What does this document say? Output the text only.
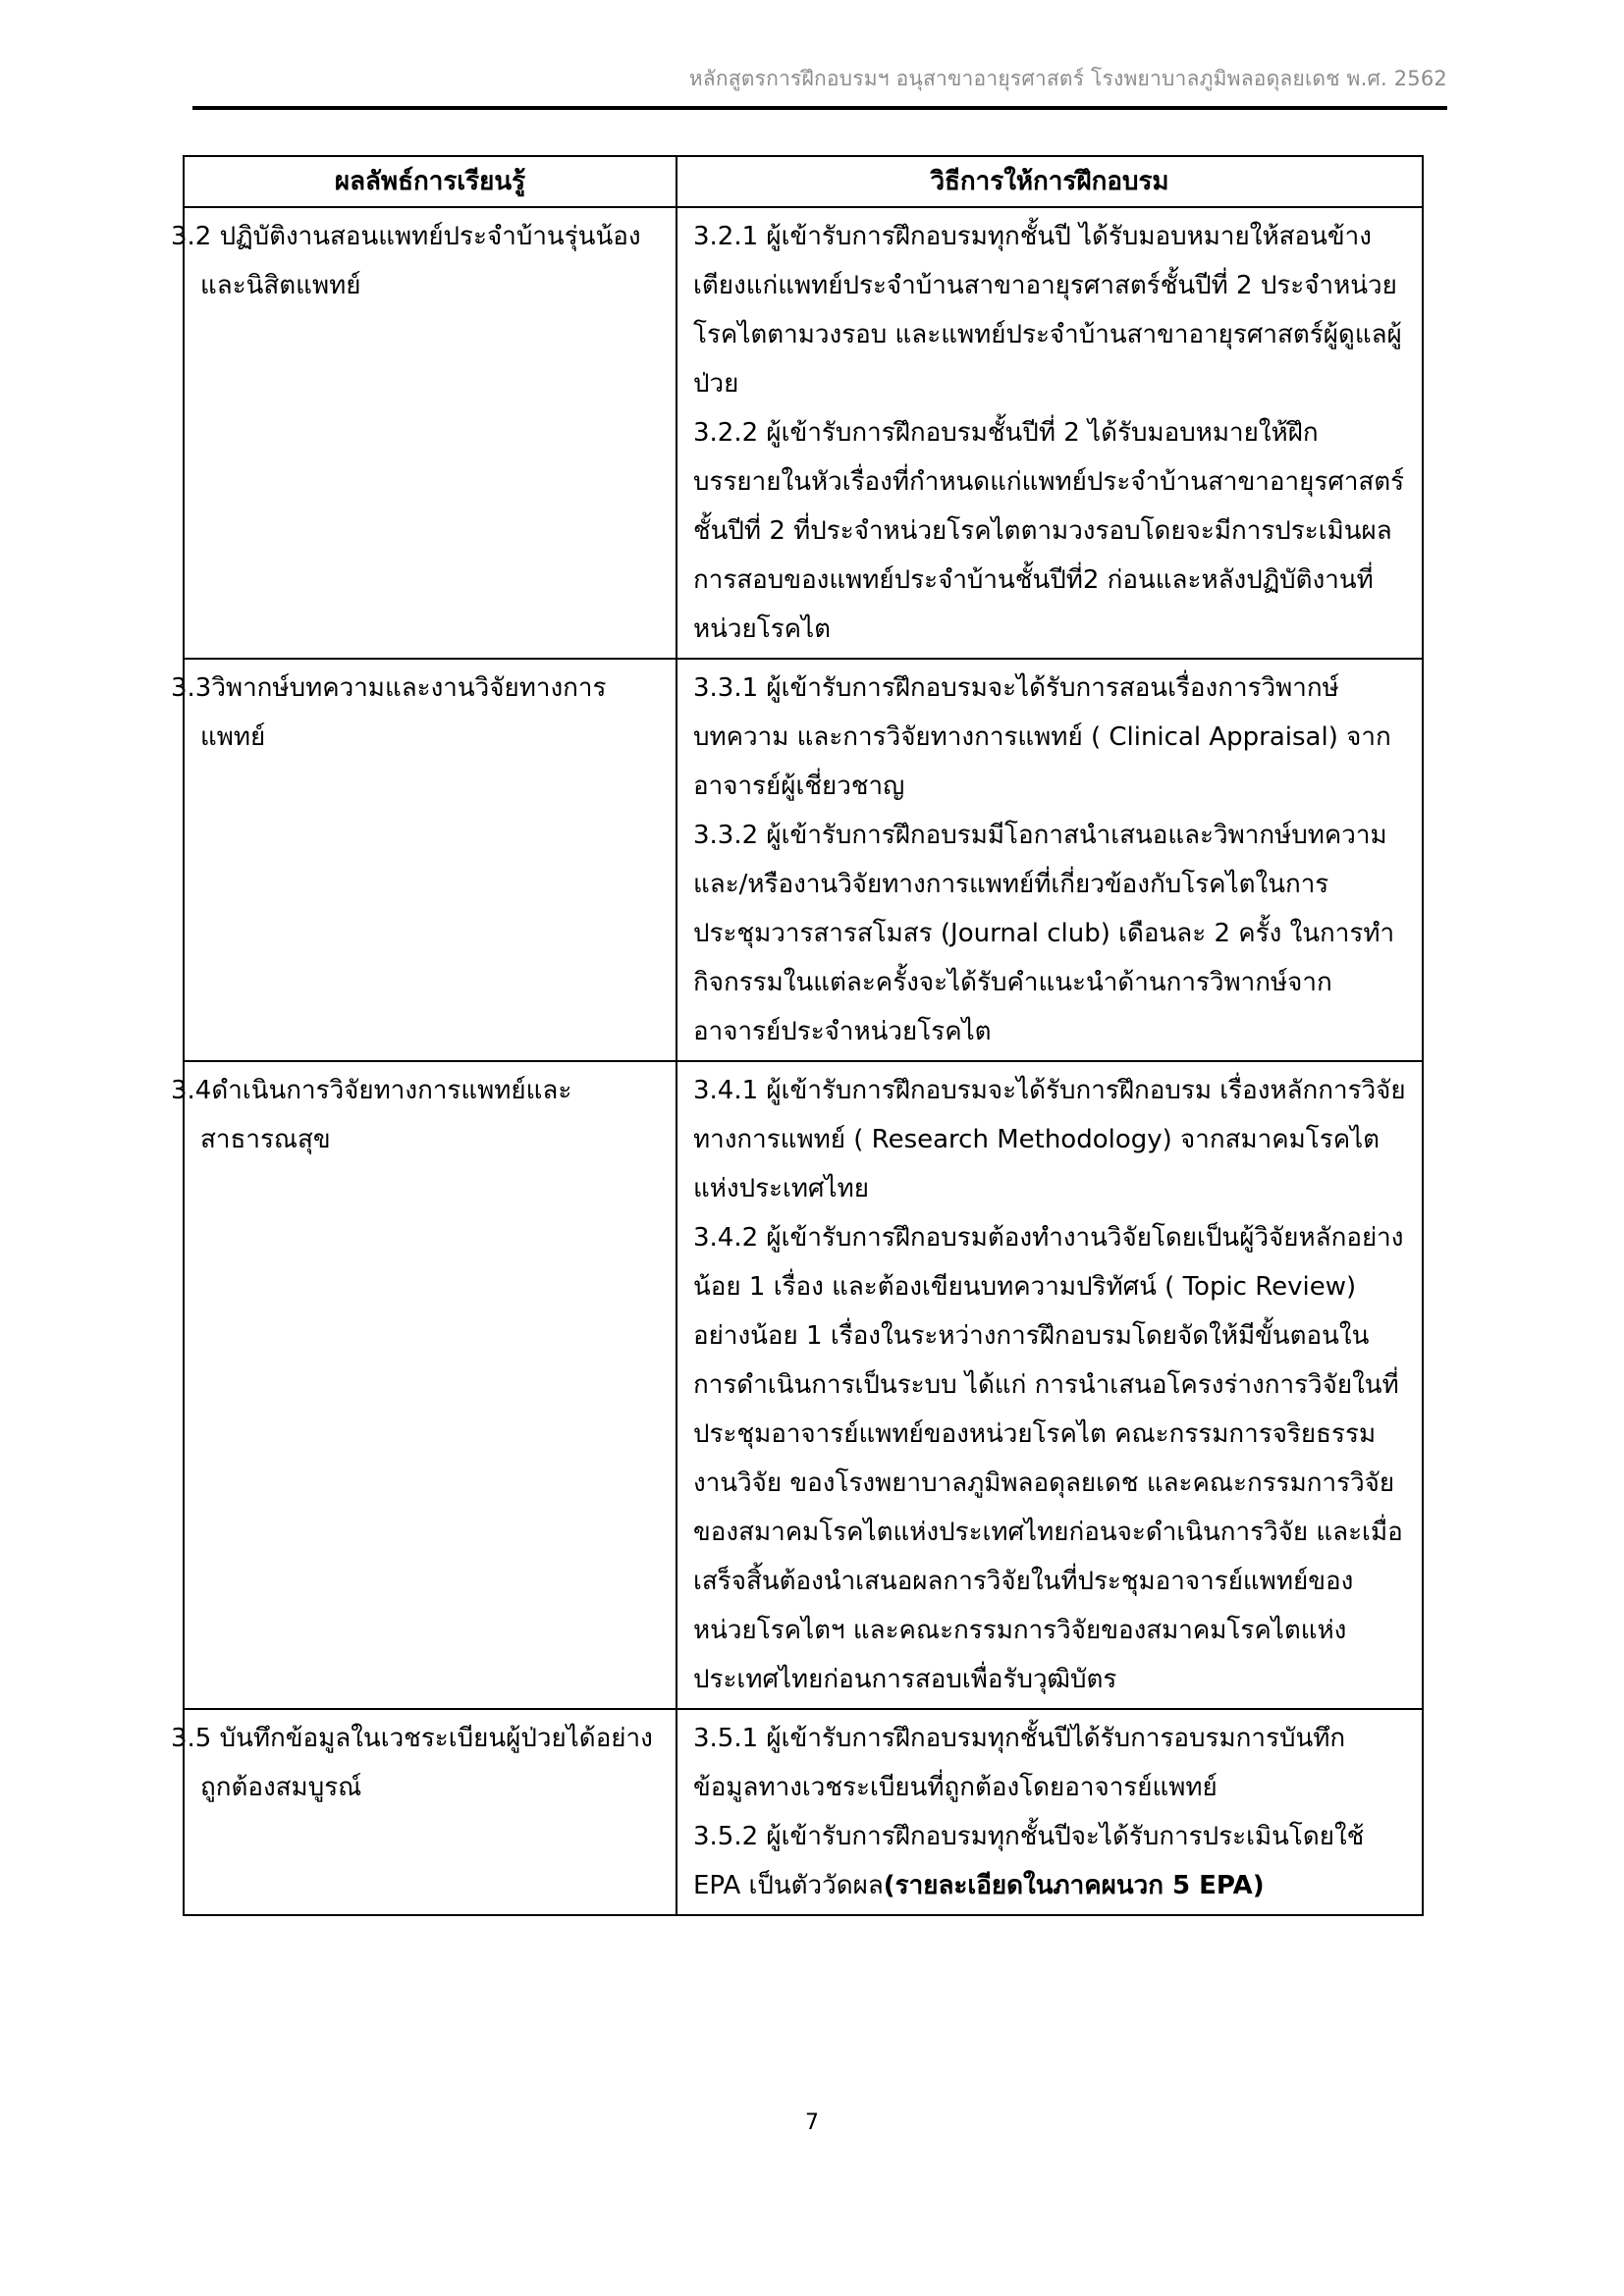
หลักสูตรการฝึกอบรมฯ อนุสาขาอายุรศาสตร์ โรงพยาบาลภูมิพลอดุลยเดช พ.ศ. 2562
ผลลัพธ์การเรียนรู้	วิธีการให้การฝึกอบรม
3.2 ปฏิบัติงานสอนแพทย์ประจำบ้านรุ่นน้องและนิสิตแพทย์	3.2.1 ผู้เข้ารับการฝึกอบรมทุกชั้นปี ได้รับมอบหมายให้สอนข้างเตียงแก่แพทย์ประจำบ้านสาขาอายุรศาสตร์ชั้นปีที่ 2 ประจำหน่วยโรคไตตามวงรอบ และแพทย์ประจำบ้านสาขาอายุรศาสตร์ผู้ดูแลผู้ป่วย
3.2.2 ผู้เข้ารับการฝึกอบรมชั้นปีที่ 2 ได้รับมอบหมายให้ฝึกบรรยายในหัวเรื่องที่กำหนดแก่แพทย์ประจำบ้านสาขาอายุรศาสตร์ชั้นปีที่ 2 ที่ประจำหน่วยโรคไตตามวงรอบโดยจะมีการประเมินผลการสอบของแพทย์ประจำบ้านชั้นปีที่2 ก่อนและหลังปฏิบัติงานที่หน่วยโรคไต

3.3วิพากษ์บทความและงานวิจัยทางการแพทย์	3.3.1 ผู้เข้ารับการฝึกอบรมจะได้รับการสอนเรื่องการวิพากษ์บทความ และการวิจัยทางการแพทย์ ( Clinical Appraisal) จากอาจารย์ผู้เชี่ยวชาญ
3.3.2 ผู้เข้ารับการฝึกอบรมมีโอกาสนำเสนอและวิพากษ์บทความและ/หรืองานวิจัยทางการแพทย์ที่เกี่ยวข้องกับโรคไตในการประชุมวารสารสโมสร (Journal club) เดือนละ 2 ครั้ง ในการทำกิจกรรมในแต่ละครั้งจะได้รับคำแนะนำด้านการวิพากษ์จากอาจารย์ประจำหน่วยโรคไต

3.4ดำเนินการวิจัยทางการแพทย์และสาธารณสุข	3.4.1 ผู้เข้ารับการฝึกอบรมจะได้รับการฝึกอบรม เรื่องหลักการวิจัยทางการแพทย์ ( Research Methodology) จากสมาคมโรคไตแห่งประเทศไทย
3.4.2 ผู้เข้ารับการฝึกอบรมต้องทำงานวิจัยโดยเป็นผู้วิจัยหลักอย่างน้อย 1 เรื่อง และต้องเขียนบทความปริทัศน์ ( Topic Review) อย่างน้อย 1 เรื่องในระหว่างการฝึกอบรมโดยจัดให้มีขั้นตอนในการดำเนินการเป็นระบบ ได้แก่ การนำเสนอโครงร่างการวิจัยในที่ประชุมอาจารย์แพทย์ของหน่วยโรคไต คณะกรรมการจริยธรรมงานวิจัย ของโรงพยาบาลภูมิพลอดุลยเดช และคณะกรรมการวิจัยของสมาคมโรคไตแห่งประเทศไทยก่อนจะดำเนินการวิจัย และเมื่อเสร็จสิ้นต้องนำเสนอผลการวิจัยในที่ประชุมอาจารย์แพทย์ของหน่วยโรคไตฯ และคณะกรรมการวิจัยของสมาคมโรคไตแห่งประเทศไทยก่อนการสอบเพื่อรับวุฒิบัตร

3.5 บันทึกข้อมูลในเวชระเบียนผู้ป่วยได้อย่างถูกต้องสมบูรณ์	3.5.1 ผู้เข้ารับการฝึกอบรมทุกชั้นปีได้รับการอบรมการบันทึกข้อมูลทางเวชระเบียนที่ถูกต้องโดยอาจารย์แพทย์
3.5.2 ผู้เข้ารับการฝึกอบรมทุกชั้นปีจะได้รับการประเมินโดยใช้ EPA เป็นตัววัดผล(รายละเอียดในภาคผนวก 5 EPA)
7
